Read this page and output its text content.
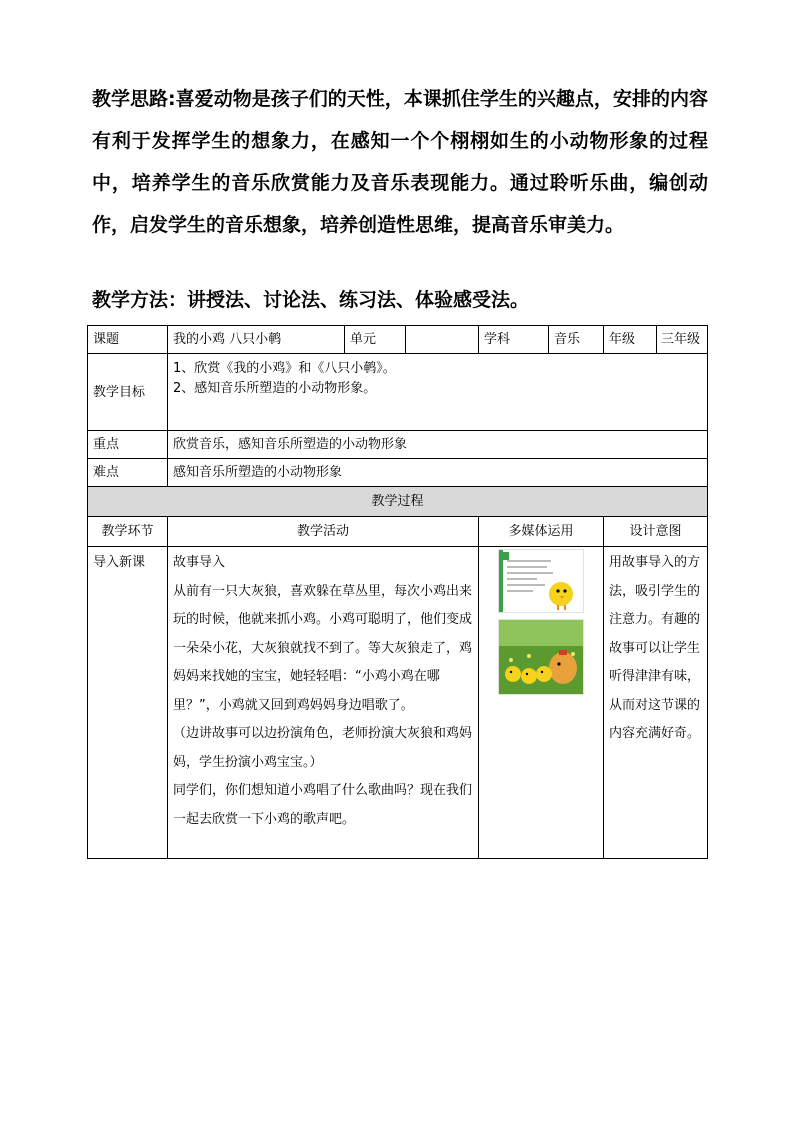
教学思路:喜爱动物是孩子们的天性，本课抓住学生的兴趣点，安排的内容有利于发挥学生的想象力，在感知一个个栩栩如生的小动物形象的过程中，培养学生的音乐欣赏能力及音乐表现能力。通过聆听乐曲，编创动作，启发学生的音乐想象，培养创造性思维，提高音乐审美力。

教学方法：讲授法、讨论法、练习法、体验感受法。
课题	我的小鸡 八只小鹌	单元		学科	音乐	年级 三年级

教学目标	1、欣赏《我的小鸡》和《八只小鹌》。
2、感知音乐所塑造的小动物形象。					

重点	欣赏音乐，感知音乐所塑造的小动物形象					
难点	感知音乐所塑造的小动物形象					
教学过程						
教学环节	教学活动			多媒体运用		设计意图
导入新课	故事导入
从前有一只大灰狼，喜欢躲在草丛里，每次小鸡出来玩的时候，他就来抓小鸡。小鸡可聪明了，他们变成一朵朵小花，大灰狼就找不到了。等大灰狼走了，鸡妈妈来找她的宝宝，她轻轻唱：“小鸡小鸡在哪里？”，小鸡就又回到鸡妈妈身边唱歌了。
（边讲故事可以边扮演角色，老师扮演大灰狼和鸡妈妈，学生扮演小鸡宝宝。）
同学们，你们想知道小鸡唱了什么歌曲吗？现在我们一起去欣赏一下小鸡的歌声吧。					用故事导入的方法，吸引学生的注意力。有趣的故事可以让学生听得津津有味，从而对这节课的内容充满好奇。
